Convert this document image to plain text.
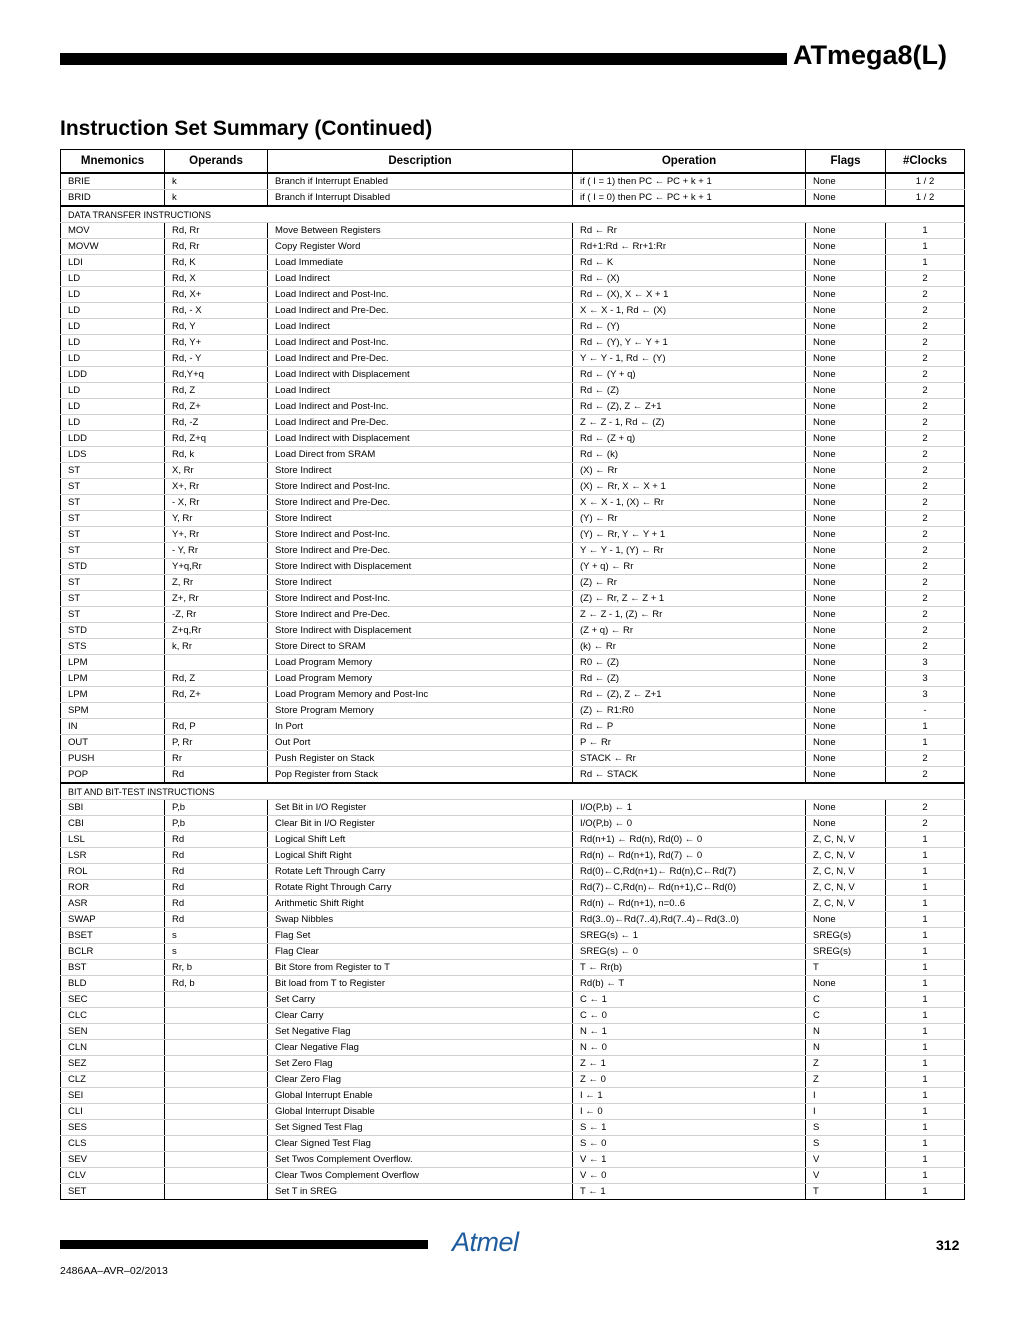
ATmega8(L)
Instruction Set Summary (Continued)
Mnemonics	Operands	Description	Operation	Flags	#Clocks
BRIE	k	Branch if Interrupt Enabled	if ( I = 1) then PC ← PC + k + 1	None	1 / 2
BRID	k	Branch if Interrupt Disabled	if ( I = 0) then PC ← PC + k + 1	None	1 / 2
DATA TRANSFER INSTRUCTIONS					
MOV	Rd, Rr	Move Between Registers	Rd ← Rr	None	1
MOVW	Rd, Rr	Copy Register Word	Rd+1:Rd ← Rr+1:Rr	None	1
LDI	Rd, K	Load Immediate	Rd ← K	None	1
LD	Rd, X	Load Indirect	Rd ← (X)	None	2
LD	Rd, X+	Load Indirect and Post-Inc.	Rd ← (X), X ← X + 1	None	2
LD	Rd, - X	Load Indirect and Pre-Dec.	X ← X - 1, Rd ← (X)	None	2
LD	Rd, Y	Load Indirect	Rd ← (Y)	None	2
LD	Rd, Y+	Load Indirect and Post-Inc.	Rd ← (Y), Y ← Y + 1	None	2
LD	Rd, - Y	Load Indirect and Pre-Dec.	Y ← Y - 1, Rd ← (Y)	None	2
LDD	Rd,Y+q	Load Indirect with Displacement	Rd ← (Y + q)	None	2
LD	Rd, Z	Load Indirect	Rd ← (Z)	None	2
LD	Rd, Z+	Load Indirect and Post-Inc.	Rd ← (Z), Z ← Z+1	None	2
LD	Rd, -Z	Load Indirect and Pre-Dec.	Z ← Z - 1, Rd ← (Z)	None	2
LDD	Rd, Z+q	Load Indirect with Displacement	Rd ← (Z + q)	None	2
LDS	Rd, k	Load Direct from SRAM	Rd ← (k)	None	2
ST	X, Rr	Store Indirect	(X) ← Rr	None	2
ST	X+, Rr	Store Indirect and Post-Inc.	(X) ← Rr, X ← X + 1	None	2
ST	- X, Rr	Store Indirect and Pre-Dec.	X ← X - 1, (X) ← Rr	None	2
ST	Y, Rr	Store Indirect	(Y) ← Rr	None	2
ST	Y+, Rr	Store Indirect and Post-Inc.	(Y) ← Rr, Y ← Y + 1	None	2
ST	- Y, Rr	Store Indirect and Pre-Dec.	Y ← Y - 1, (Y) ← Rr	None	2
STD	Y+q,Rr	Store Indirect with Displacement	(Y + q) ← Rr	None	2
ST	Z, Rr	Store Indirect	(Z) ← Rr	None	2
ST	Z+, Rr	Store Indirect and Post-Inc.	(Z) ← Rr, Z ← Z + 1	None	2
ST	-Z, Rr	Store Indirect and Pre-Dec.	Z ← Z - 1, (Z) ← Rr	None	2
STD	Z+q,Rr	Store Indirect with Displacement	(Z + q) ← Rr	None	2
STS	k, Rr	Store Direct to SRAM	(k) ← Rr	None	2
LPM		Load Program Memory	R0 ← (Z)	None	3
LPM	Rd, Z	Load Program Memory	Rd ← (Z)	None	3
LPM	Rd, Z+	Load Program Memory and Post-Inc	Rd ← (Z), Z ← Z+1	None	3
SPM		Store Program Memory	(Z) ← R1:R0	None	-
IN	Rd, P	In Port	Rd ← P	None	1
OUT	P, Rr	Out Port	P ← Rr	None	1
PUSH	Rr	Push Register on Stack	STACK ← Rr	None	2
POP	Rd	Pop Register from Stack	Rd ← STACK	None	2
BIT AND BIT-TEST INSTRUCTIONS					
SBI	P,b	Set Bit in I/O Register	I/O(P,b) ← 1	None	2
CBI	P,b	Clear Bit in I/O Register	I/O(P,b) ← 0	None	2
LSL	Rd	Logical Shift Left	Rd(n+1) ← Rd(n), Rd(0) ← 0	Z, C, N, V	1
LSR	Rd	Logical Shift Right	Rd(n) ← Rd(n+1), Rd(7) ← 0	Z, C, N, V	1
ROL	Rd	Rotate Left Through Carry	Rd(0)←C,Rd(n+1)← Rd(n),C←Rd(7)	Z, C, N, V	1
ROR	Rd	Rotate Right Through Carry	Rd(7)←C,Rd(n)← Rd(n+1),C←Rd(0)	Z, C, N, V	1
ASR	Rd	Arithmetic Shift Right	Rd(n) ← Rd(n+1), n=0..6	Z, C, N, V	1
SWAP	Rd	Swap Nibbles	Rd(3..0)←Rd(7..4),Rd(7..4)←Rd(3..0)	None	1
BSET	s	Flag Set	SREG(s) ← 1	SREG(s)	1
BCLR	s	Flag Clear	SREG(s) ← 0	SREG(s)	1
BST	Rr, b	Bit Store from Register to T	T ← Rr(b)	T	1
BLD	Rd, b	Bit load from T to Register	Rd(b) ← T	None	1
SEC		Set Carry	C ← 1	C	1
CLC		Clear Carry	C ← 0	C	1
SEN		Set Negative Flag	N ← 1	N	1
CLN		Clear Negative Flag	N ← 0	N	1
SEZ		Set Zero Flag	Z ← 1	Z	1
CLZ		Clear Zero Flag	Z ← 0	Z	1
SEI		Global Interrupt Enable	I ← 1	I	1
CLI		Global Interrupt Disable	I ← 0	I	1
SES		Set Signed Test Flag	S ← 1	S	1
CLS		Clear Signed Test Flag	S ← 0	S	1
SEV		Set Twos Complement Overflow.	V ← 1	V	1
CLV		Clear Twos Complement Overflow	V ← 0	V	1
SET		Set T in SREG	T ← 1	T	1
Atmel	312
2486AA–AVR–02/2013
